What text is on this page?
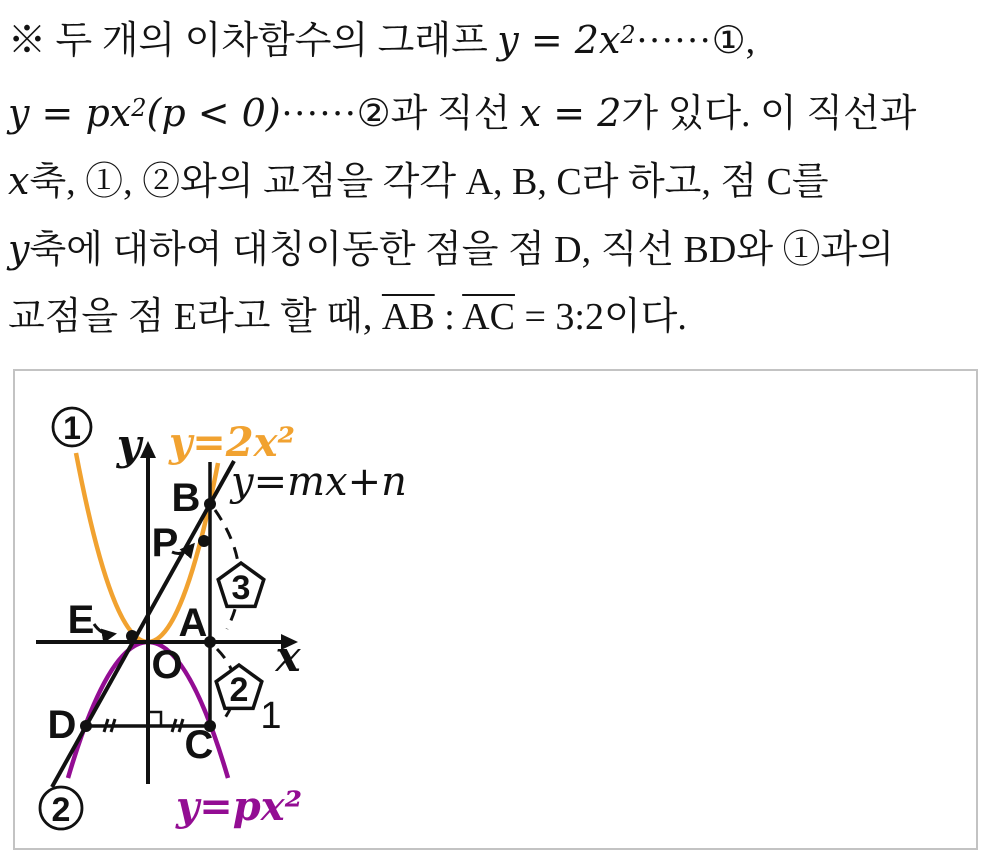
※ 두 개의 이차함수의 그래프 $y = 2x^2\cdot\cdot\cdot\cdot\cdot\cdot ①$,

$y = px^2(p$ < 0)······②과 직선 x = 2가 있다. 이 직선과

x축, ①, ②와의 교점을 각각 A, B, C라 하고, 점 C를

y축에 대하여 대칭이동한 점을 점 D, 직선 BD와 ①과의

교점을 점 E라고 할 때, $\overline{AB}$ : $\overline{AC}$ = 3:2이다.

3
2
1
1
2
B
P
E A
O
D	C
x
y y=2x²
y=mx+n
y=px²
